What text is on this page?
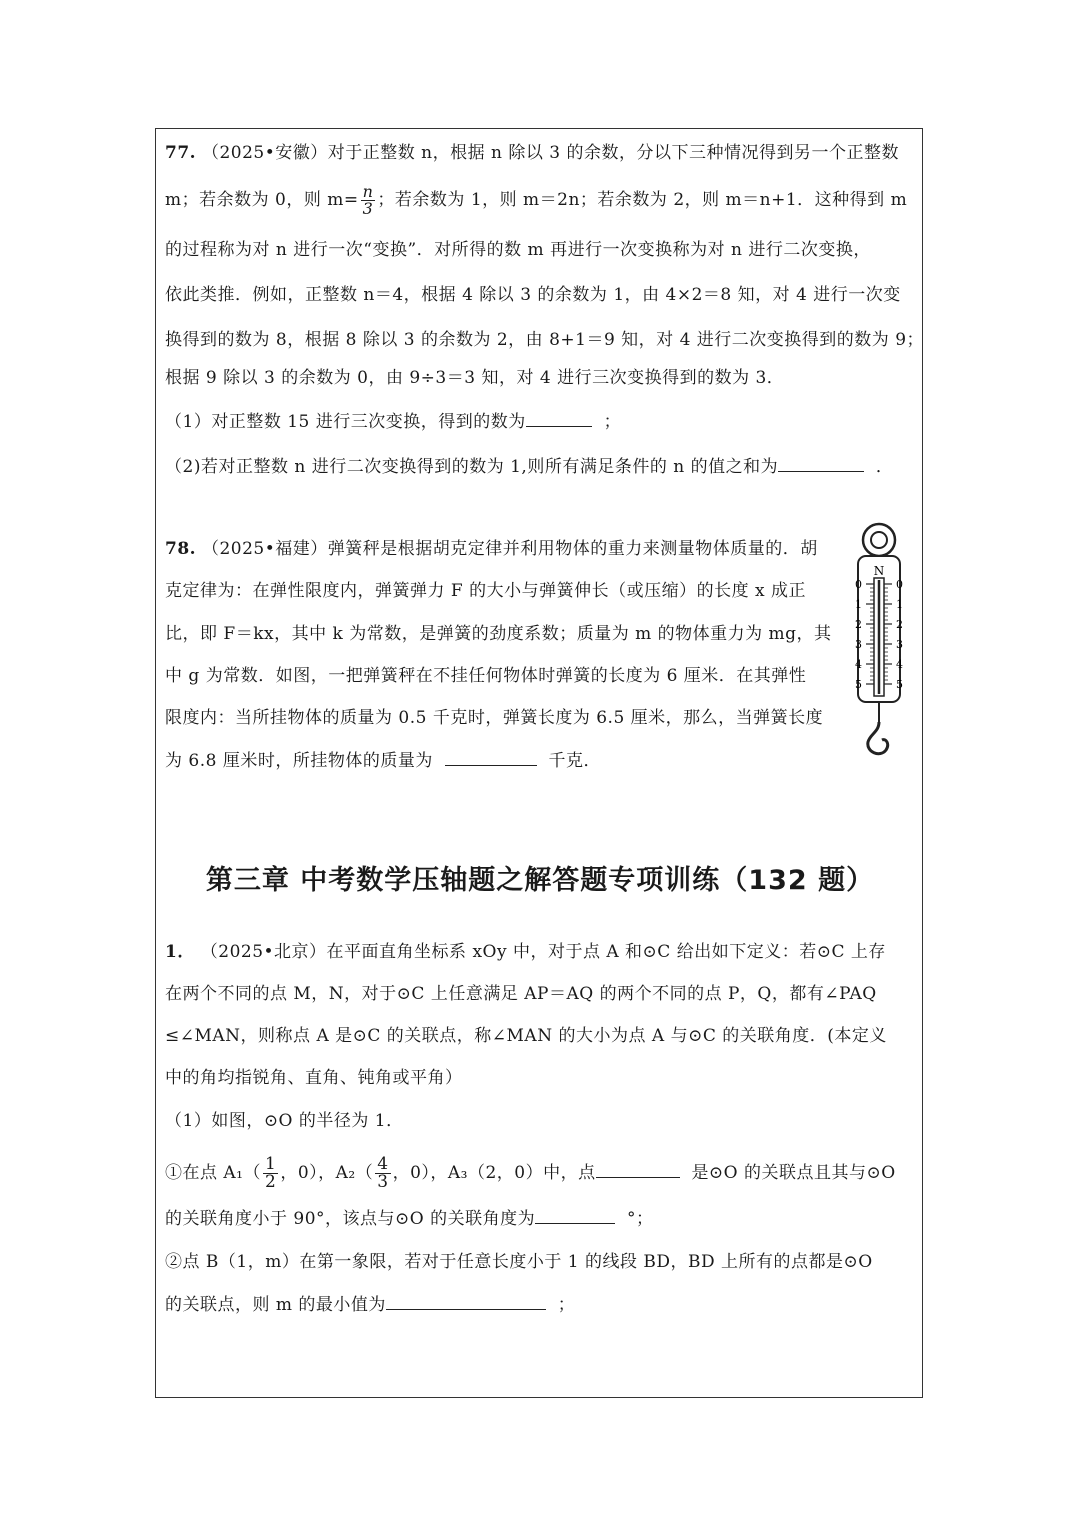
77. （2025•安徽）对于正整数 n，根据 n 除以 3 的余数，分以下三种情况得到另一个正整数
m；若余数为 0，则 $m= \frac{n}{3}$ ；若余数为 1，则 m＝2n；若余数为 2，则 m＝n+1．这种得到 m
的过程称为对 n 进行一次“变换”．对所得的数 m 再进行一次变换称为对 n 进行二次变换，
依此类推．例如，正整数 n＝4，根据 4 除以 3 的余数为 1，由 4×2＝8 知，对 4 进行一次变
换得到的数为 8，根据 8 除以 3 的余数为 2，由 8+1＝9 知，对 4 进行二次变换得到的数为 9；
根据 9 除以 3 的余数为 0，由 9÷3＝3 知，对 4 进行三次变换得到的数为 3．
（1）对正整数 15 进行三次变换，得到的数为	；
（2)若对正整数 n 进行二次变换得到的数为 1,则所有满足条件的 n 的值之和为	．
78. （2025•福建）弹簧秤是根据胡克定律并利用物体的重力来测量物体质量的．胡
克定律为：在弹性限度内，弹簧弹力 F 的大小与弹簧伸长（或压缩）的长度 x 成正
比，即 F＝kx，其中 k 为常数，是弹簧的劲度系数；质量为 m 的物体重力为 mg，其
中 g 为常数．如图，一把弹簧秤在不挂任何物体时弹簧的长度为 6 厘米．在其弹性
限度内：当所挂物体的质量为 0.5 千克时，弹簧长度为 6.5 厘米，那么，当弹簧长度
为 6.8 厘米时，所挂物体的质量为	千克．
N
0	0
1	1
2	2
3	3
4	4
5	5
第三章 中考数学压轴题之解答题专项训练（132 题）
1． （2025•北京）在平面直角坐标系 xOy 中，对于点 A 和⊙C 给出如下定义：若⊙C 上存
在两个不同的点 M，N，对于⊙C 上任意满足 AP＝AQ 的两个不同的点 P，Q，都有∠PAQ
≤∠MAN，则称点 A 是⊙C 的关联点，称∠MAN 的大小为点 A 与⊙C 的关联角度．(本定义
中的角均指锐角、直角、钝角或平角）
（1）如图，⊙O 的半径为 1．
①在点 $A_1( \frac{1}{2}$ ，0），$A_2( \frac{4}{3}$ ，0），A₃（2，0）中，点	是⊙O 的关联点且其与⊙O
的关联角度小于 90°，该点与⊙O 的关联角度为	°；
②点 B（1，m）在第一象限，若对于任意长度小于 1 的线段 BD，BD 上所有的点都是⊙O
的关联点，则 m 的最小值为	；
